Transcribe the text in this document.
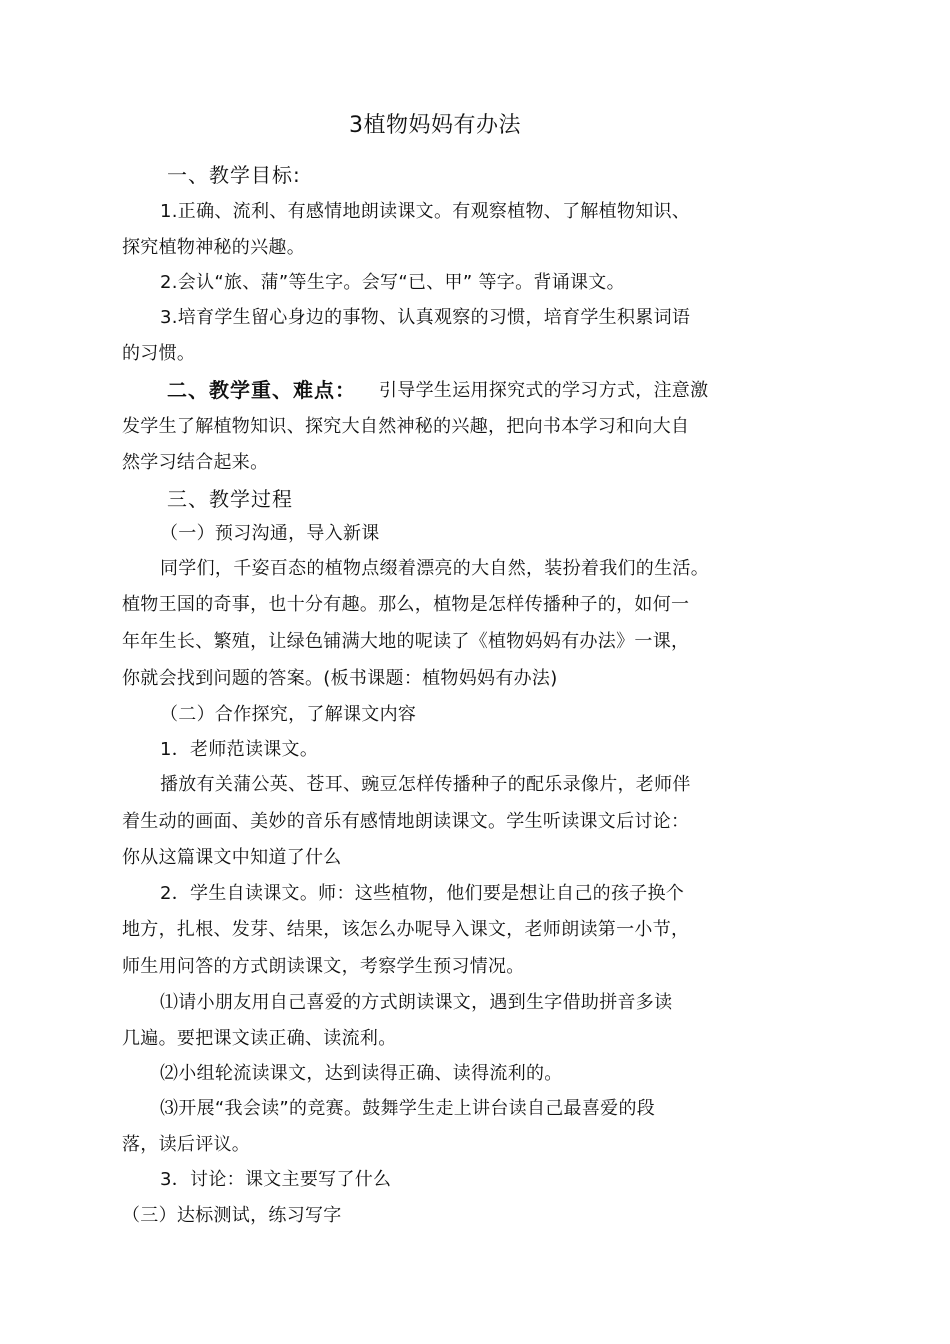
3植物妈妈有办法

一、教学目标:

1.正确、流利、有感情地朗读课文。有观察植物、了解植物知识、

探究植物神秘的兴趣。

2.会认“旅、蒲”等生字。会写“已、甲” 等字。背诵课文。

3.培育学生留心身边的事物、认真观察的习惯，培育学生积累词语

的习惯。

二、教学重、难点： 引导学生运用探究式的学习方式，注意激

发学生了解植物知识、探究大自然神秘的兴趣，把向书本学习和向大自

然学习结合起来。

三、教学过程

（一）预习沟通，导入新课

同学们，千姿百态的植物点缀着漂亮的大自然，装扮着我们的生活。

植物王国的奇事，也十分有趣。那么，植物是怎样传播种子的，如何一

年年生长、繁殖，让绿色铺满大地的呢读了《植物妈妈有办法》一课，

你就会找到问题的答案。(板书课题：植物妈妈有办法)

（二）合作探究，了解课文内容

1．老师范读课文。

播放有关蒲公英、苍耳、豌豆怎样传播种子的配乐录像片，老师伴

着生动的画面、美妙的音乐有感情地朗读课文。学生听读课文后讨论：

你从这篇课文中知道了什么

2．学生自读课文。师：这些植物，他们要是想让自己的孩子换个

地方，扎根、发芽、结果，该怎么办呢导入课文，老师朗读第一小节，

师生用问答的方式朗读课文，考察学生预习情况。

⑴请小朋友用自己喜爱的方式朗读课文，遇到生字借助拼音多读

几遍。要把课文读正确、读流利。

⑵小组轮流读课文，达到读得正确、读得流利的。

⑶开展“我会读”的竞赛。鼓舞学生走上讲台读自己最喜爱的段

落，读后评议。

3．讨论：课文主要写了什么

（三）达标测试，练习写字
